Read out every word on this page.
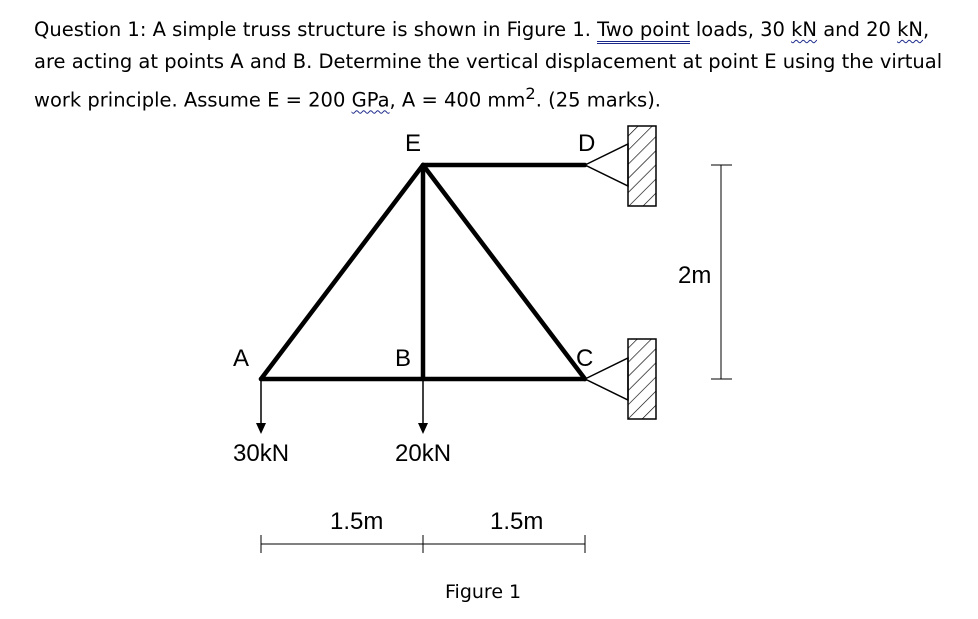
Question 1: A simple truss structure is shown in Figure 1. Two point loads, 30 kN and 20 kN, are acting at points A and B. Determine the vertical displacement at point E using the virtual work principle. Assume E = 200 GPa, A = 400 $mm^2$. (25 marks).

E	D
A	B	C
30kN	20kN
1.5m	1.5m
2m
Figure 1
